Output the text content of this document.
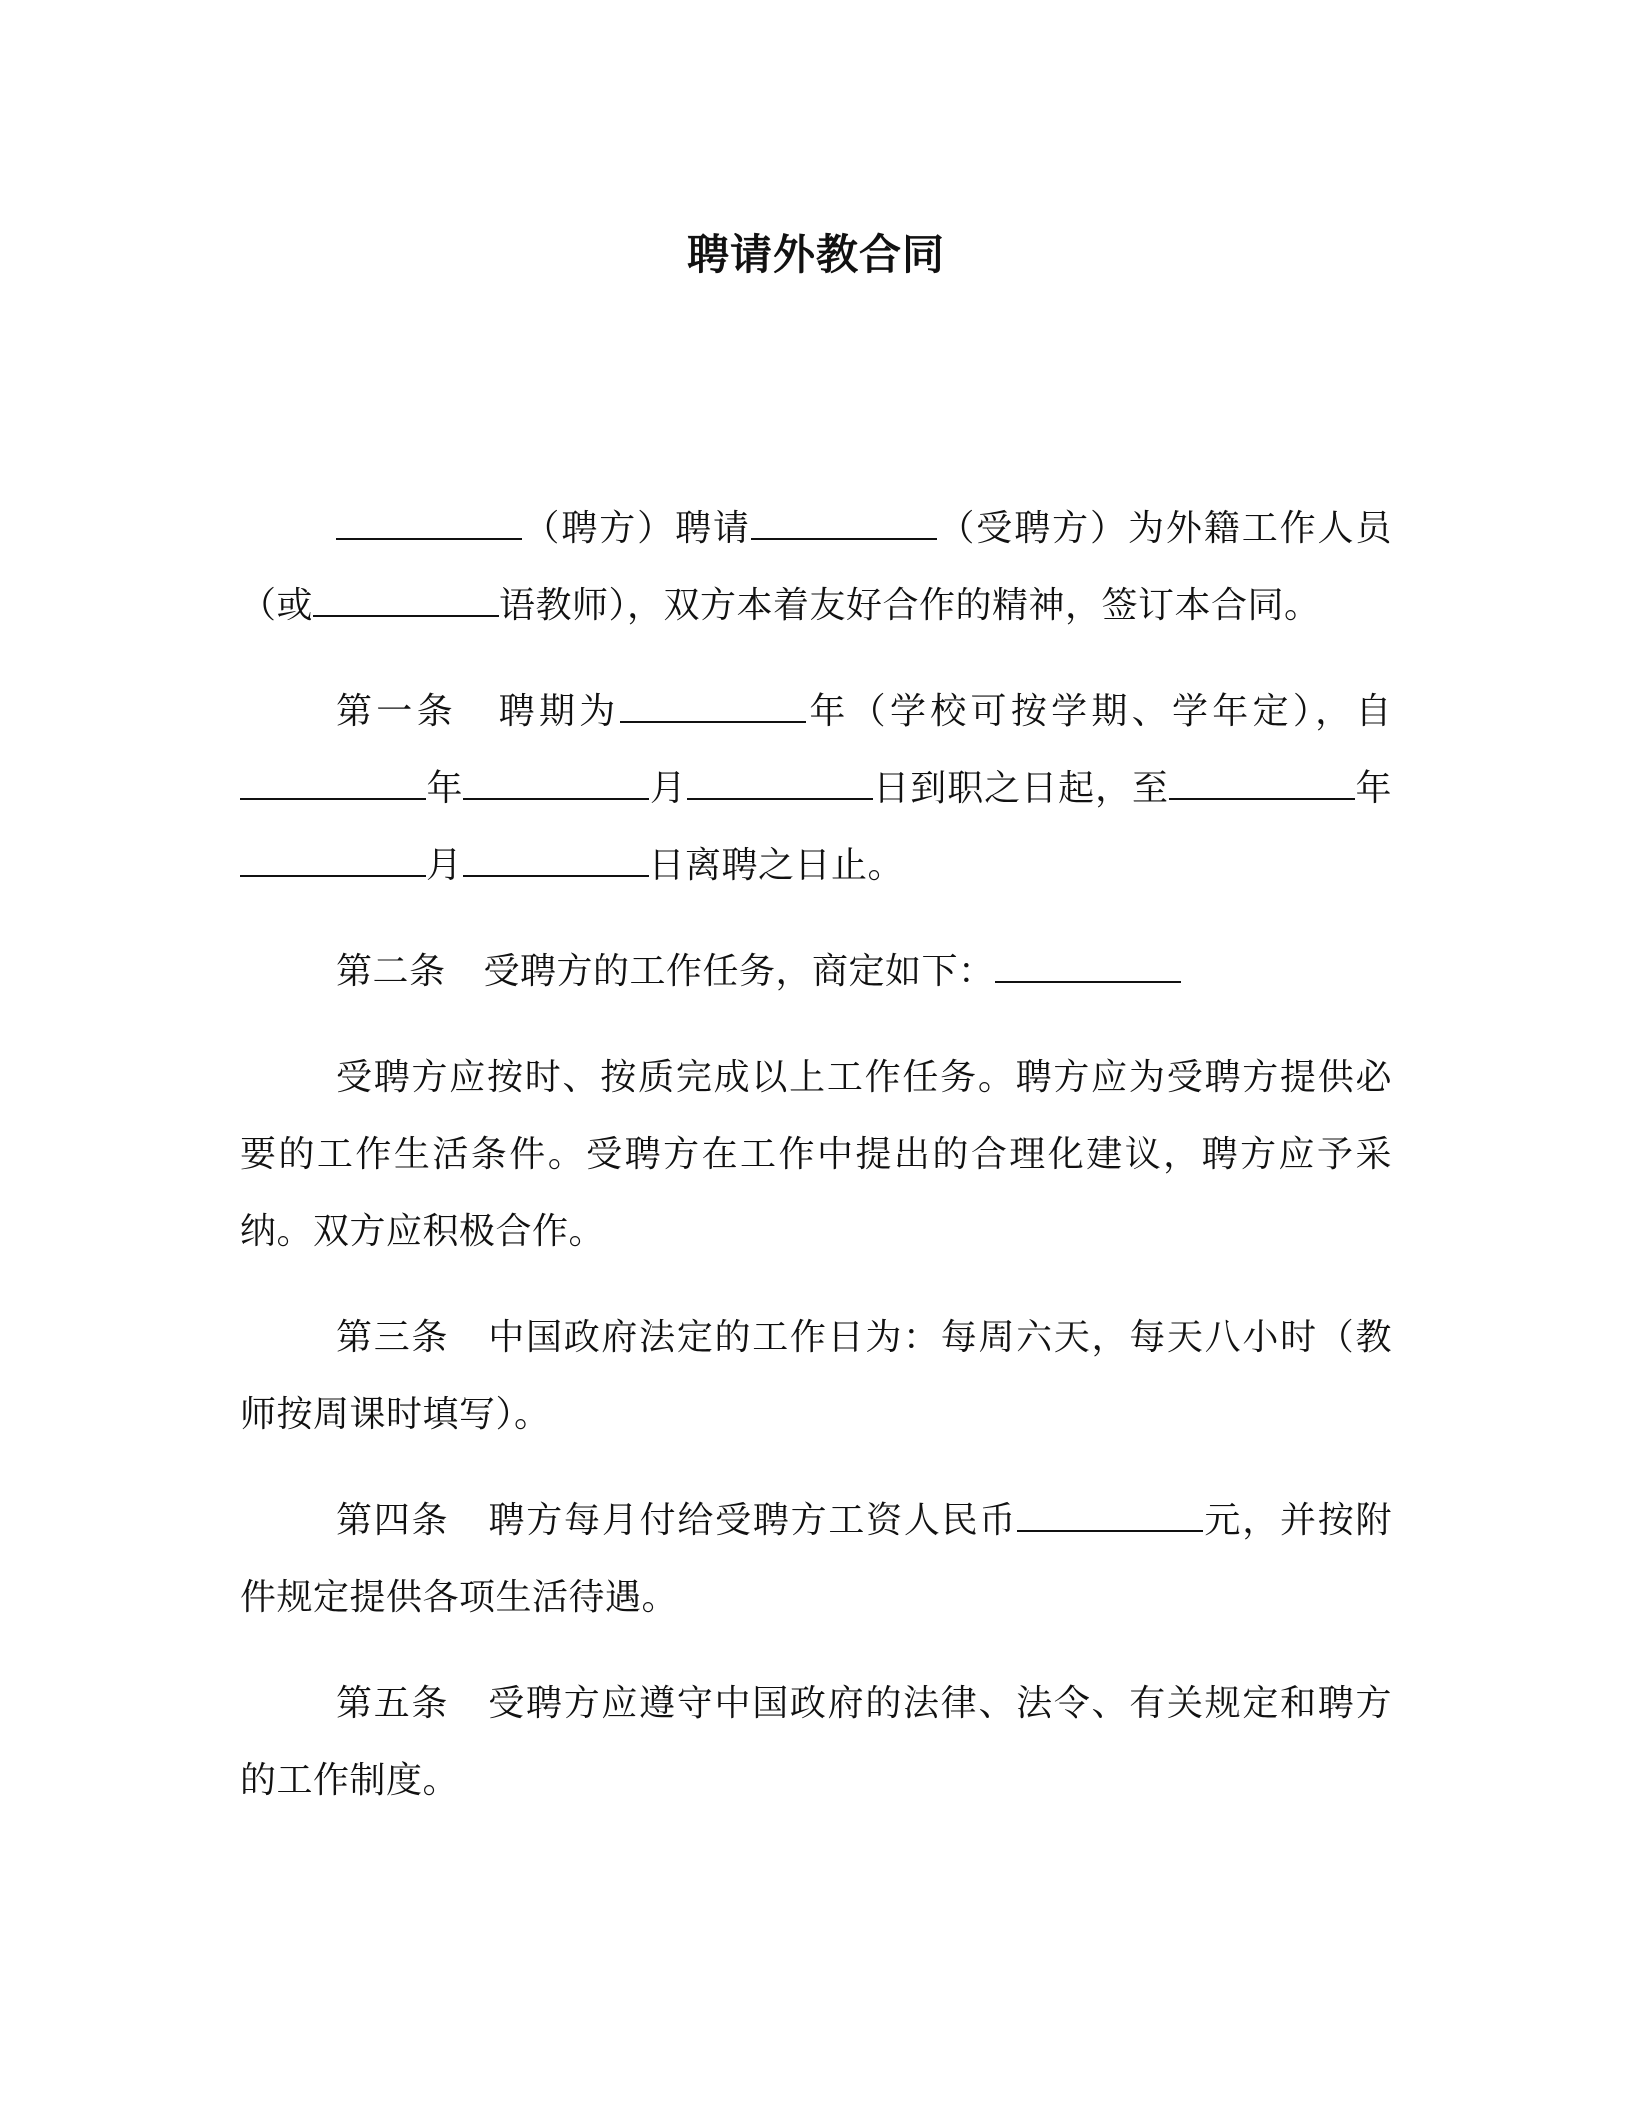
聘请外教合同

（聘方）聘请	（受聘方）为外籍工作人员（或	语教师），双方本着友好合作的精神，签订本合同。

第一条 聘期为	年（学校可按学期、学年定），自年	月	日到职之日起，至	年月	日离聘之日止。

第二条 受聘方的工作任务，商定如下：

受聘方应按时、按质完成以上工作任务。聘方应为受聘方提供必要的工作生活条件。受聘方在工作中提出的合理化建议，聘方应予采纳。双方应积极合作。

第三条 中国政府法定的工作日为：每周六天，每天八小时（教师按周课时填写）。

第四条 聘方每月付给受聘方工资人民币	元，并按附件规定提供各项生活待遇。

第五条 受聘方应遵守中国政府的法律、法令、有关规定和聘方的工作制度。
